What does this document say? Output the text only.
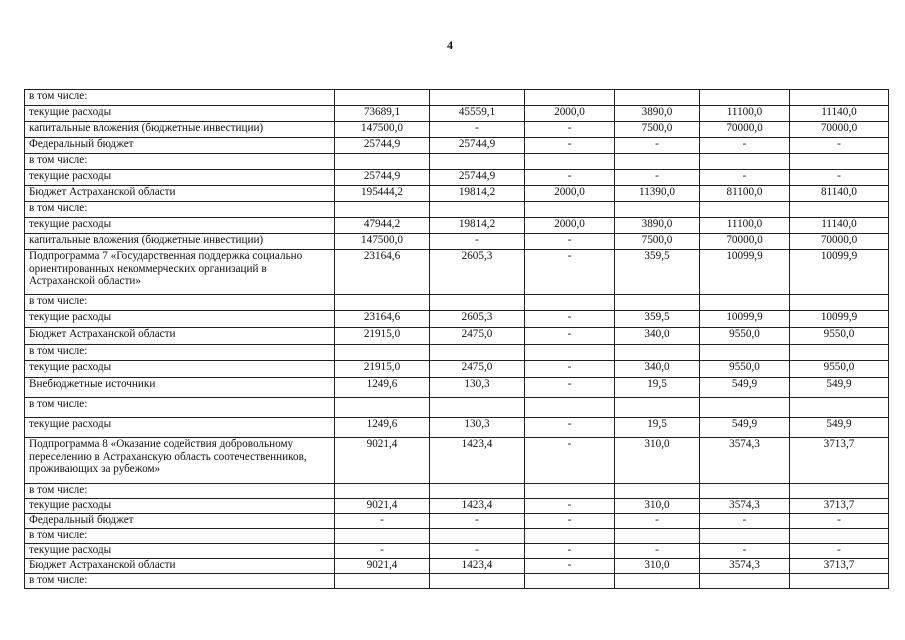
4
в том числе:						
текущие расходы	73689,1	45559,1	2000,0	3890,0	11100,0	11140,0
капитальные вложения (бюджетные инвестиции)	147500,0	-	-	7500,0	70000,0	70000,0
Федеральный бюджет	25744,9	25744,9	-	-	-	-
в том числе:						
текущие расходы	25744,9	25744,9	-	-	-	-
Бюджет Астраханской области	195444,2	19814,2	2000,0	11390,0	81100,0	81140,0
в том числе:						
текущие расходы	47944,2	19814,2	2000,0	3890,0	11100,0	11140,0
капитальные вложения (бюджетные инвестиции)	147500,0	-	-	7500,0	70000,0	70000,0
Подпрограмма 7 «Государственная поддержка социально ориентированных некоммерческих организаций в Астраханской области»	23164,6	2605,3	-	359,5	10099,9	10099,9
в том числе:						
текущие расходы	23164,6	2605,3	-	359,5	10099,9	10099,9
Бюджет Астраханской области	21915,0	2475,0	-	340,0	9550,0	9550,0
в том числе:						
текущие расходы	21915,0	2475,0	-	340,0	9550,0	9550,0
Внебюджетные источники	1249,6	130,3	-	19,5	549,9	549,9
в том числе:						
текущие расходы	1249,6	130,3	-	19,5	549,9	549,9
Подпрограмма 8 «Оказание содействия добровольному переселению в Астраханскую область соотечественников, проживающих за рубежом»	9021,4	1423,4	-	310,0	3574,3	3713,7
в том числе:						
текущие расходы	9021,4	1423,4	-	310,0	3574,3	3713,7
Федеральный бюджет	-	-	-	-	-	-
в том числе:						
текущие расходы	-	-	-	-	-	-
Бюджет Астраханской области	9021,4	1423,4	-	310,0	3574,3	3713,7
в том числе:						
